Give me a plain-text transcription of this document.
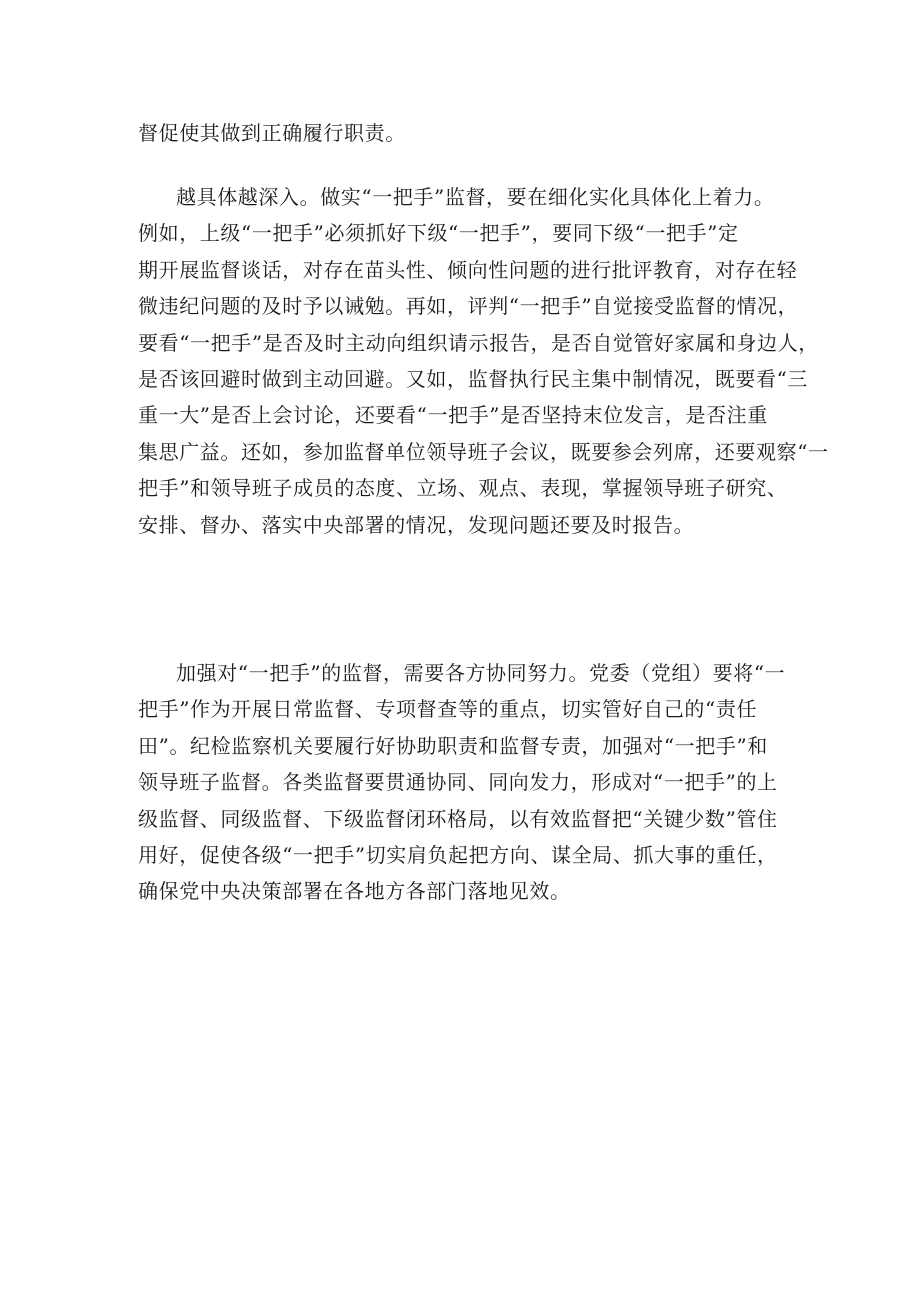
督促使其做到正确履行职责。
越具体越深入。做实“一把手”监督，要在细化实化具体化上着力。
例如，上级“一把手”必须抓好下级“一把手”，要同下级“一把手”定
期开展监督谈话，对存在苗头性、倾向性问题的进行批评教育，对存在轻
微违纪问题的及时予以诫勉。再如，评判“一把手”自觉接受监督的情况，
要看“一把手”是否及时主动向组织请示报告，是否自觉管好家属和身边人，
是否该回避时做到主动回避。又如，监督执行民主集中制情况，既要看“三
重一大”是否上会讨论，还要看“一把手”是否坚持末位发言，是否注重
集思广益。还如，参加监督单位领导班子会议，既要参会列席，还要观察“一
把手”和领导班子成员的态度、立场、观点、表现，掌握领导班子研究、
安排、督办、落实中央部署的情况，发现问题还要及时报告。
加强对“一把手”的监督，需要各方协同努力。党委（党组）要将“一
把手”作为开展日常监督、专项督查等的重点，切实管好自己的“责任
田”。纪检监察机关要履行好协助职责和监督专责，加强对“一把手”和
领导班子监督。各类监督要贯通协同、同向发力，形成对“一把手”的上
级监督、同级监督、下级监督闭环格局，以有效监督把“关键少数”管住
用好，促使各级“一把手”切实肩负起把方向、谋全局、抓大事的重任，
确保党中央决策部署在各地方各部门落地见效。
